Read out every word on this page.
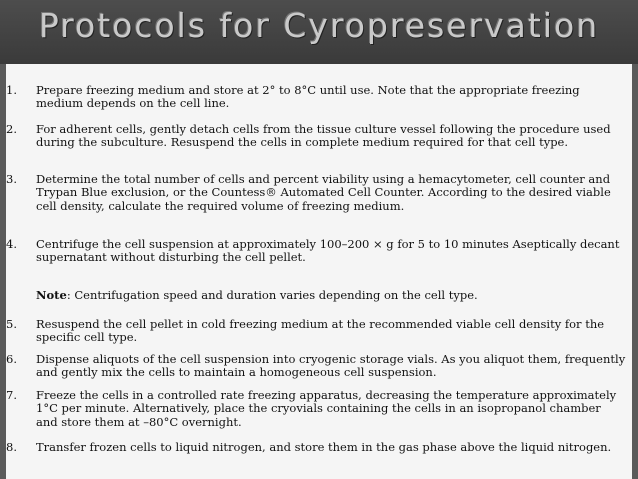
Protocols for Cyropreservation
1.	Prepare freezing medium and store at 2° to 8°C until use. Note that the appropriate freezing medium depends on the cell line.
2.	For adherent cells, gently detach cells from the tissue culture vessel following the procedure used during the subculture. Resuspend the cells in complete medium required for that cell type.
3.	Determine the total number of cells and percent viability using a hemacytometer, cell counter and Trypan Blue exclusion, or the Countess® Automated Cell Counter. According to the desired viable cell density, calculate the required volume of freezing medium.
4.	Centrifuge the cell suspension at approximately 100–200 × g for 5 to 10 minutes Aseptically decant supernatant without disturbing the cell pellet.
Note: Centrifugation speed and duration varies depending on the cell type.
5.	Resuspend the cell pellet in cold freezing medium at the recommended viable cell density for the specific cell type.
6.	Dispense aliquots of the cell suspension into cryogenic storage vials. As you aliquot them, frequently and gently mix the cells to maintain a homogeneous cell suspension.
7.	Freeze the cells in a controlled rate freezing apparatus, decreasing the temperature approximately 1°C per minute. Alternatively, place the cryovials containing the cells in an isopropanol chamber and store them at –80°C overnight.
8.	Transfer frozen cells to liquid nitrogen, and store them in the gas phase above the liquid nitrogen.
